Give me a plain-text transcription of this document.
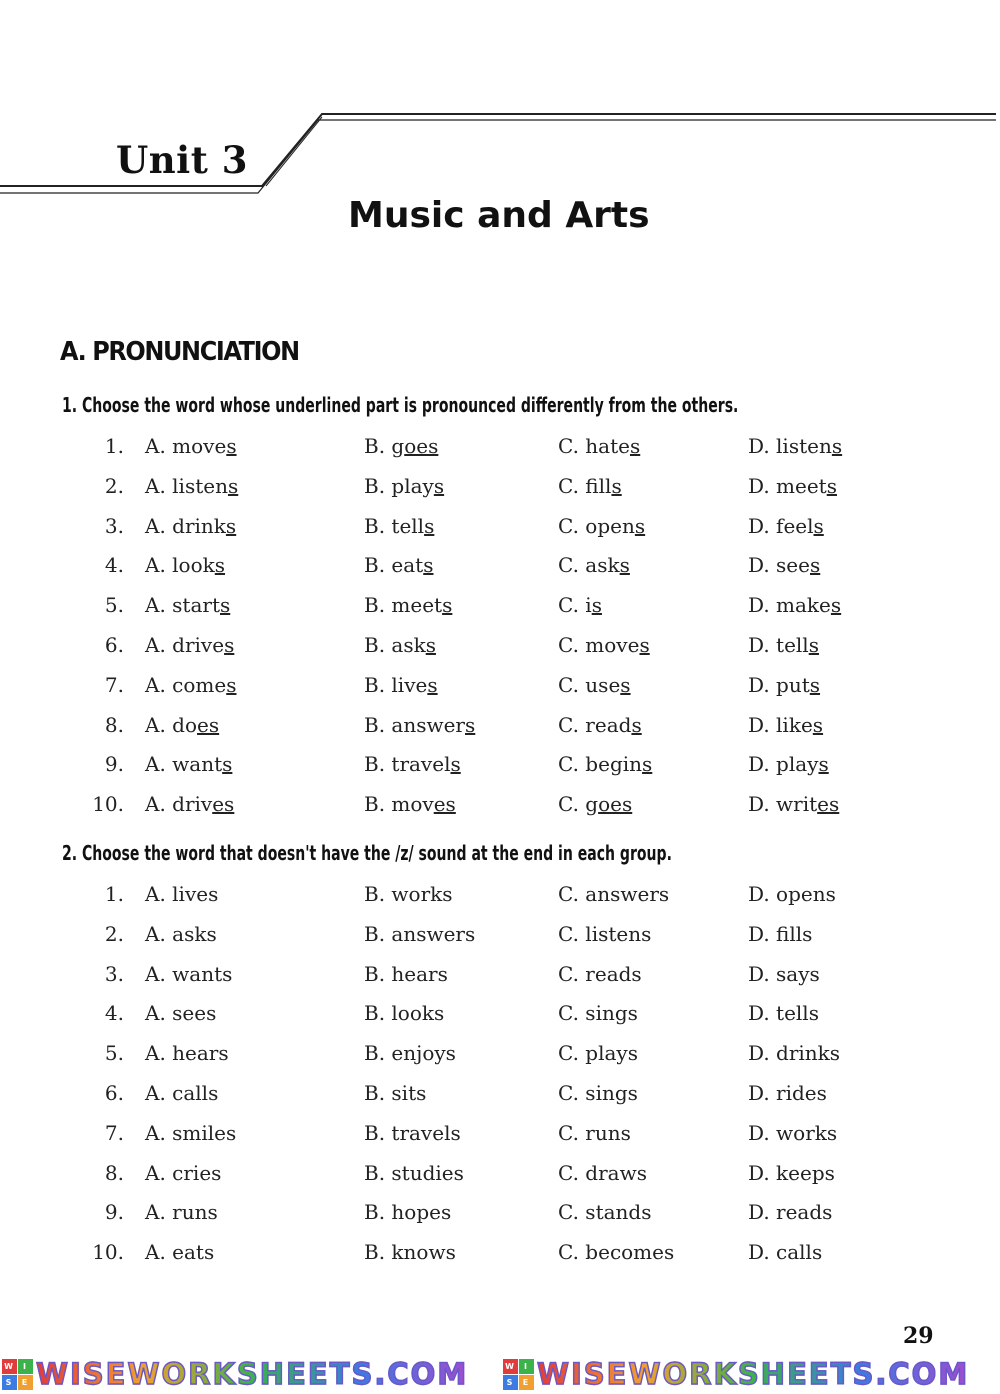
Unit 3
Music and Arts
A. PRONUNCIATION
1. Choose the word whose underlined part is pronounced differently from the others.
1. A. moves	B. goes	C. hates	D. listens
2. A. listens	B. plays	C. fills	D. meets
3. A. drinks	B. tells	C. opens	D. feels
4. A. looks	B. eats	C. asks	D. sees
5. A. starts	B. meets	C. is	D. makes
6. A. drives	B. asks	C. moves	D. tells
7. A. comes	B. lives	C. uses	D. puts
8. A. does	B. answers	C. reads	D. likes
9. A. wants	B. travels	C. begins	D. plays
10. A. drives	B. moves	C. goes	D. writes
2. Choose the word that doesn't have the /z/ sound at the end in each group.
1. A. lives	B. works	C. answers	D. opens
2. A. asks	B. answers	C. listens	D. fills
3. A. wants	B. hears	C. reads	D. says
4. A. sees	B. looks	C. sings	D. tells
5. A. hears	B. enjoys	C. plays	D. drinks
6. A. calls	B. sits	C. sings	D. rides
7. A. smiles	B. travels	C. runs	D. works
8. A. cries	B. studies	C. draws	D. keeps
9. A. runs	B. hopes	C. stands	D. reads
10. A. eats	B. knows	C. becomes	D. calls
29
W	I
S	E WISEWORKSHEETS.COM	W	I
S	E WISEWORKSHEETS.COM
